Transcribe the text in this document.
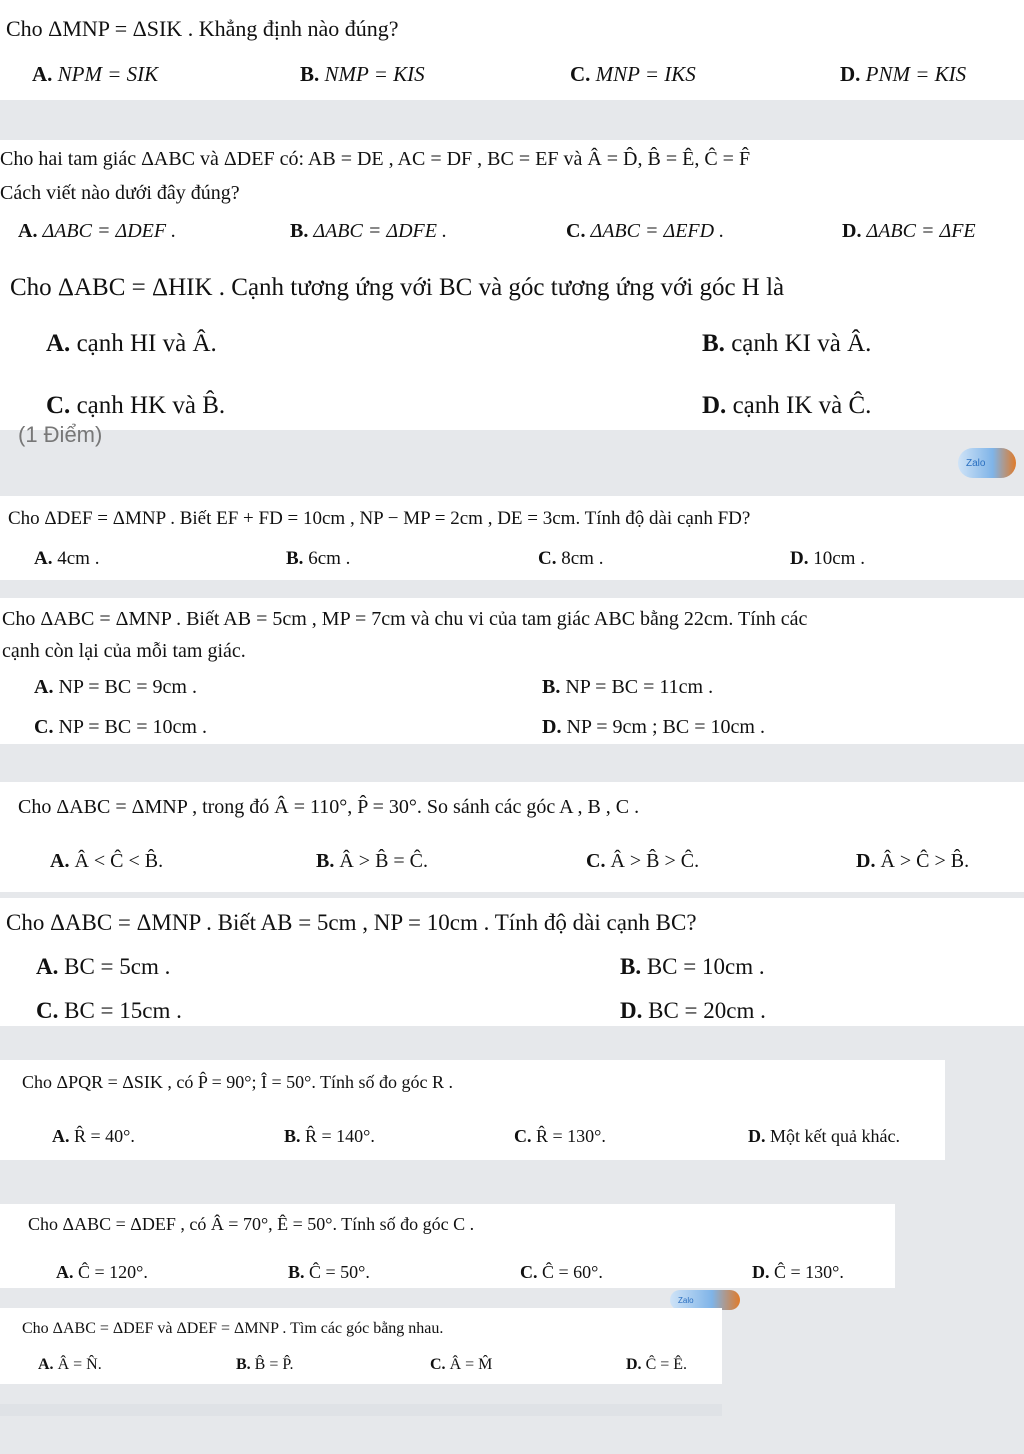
Cho ΔMNP = ΔSIK . Khẳng định nào đúng?
A. NPM = SIK	B. NMP = KIS	C. MNP = IKS	D. PNM = KIS
Cho hai tam giác ΔABC và ΔDEF có: AB = DE , AC = DF , BC = EF và Â = D̂, B̂ = Ê, Ĉ = F̂
Cách viết nào dưới đây đúng?
A. ΔABC = ΔDEF .	B. ΔABC = ΔDFE .	C. ΔABC = ΔEFD .	D. ΔABC = ΔFE
Cho ΔABC = ΔHIK . Cạnh tương ứng với BC và góc tương ứng với góc H là
A. cạnh HI và Â.	B. cạnh KI và Â.
C. cạnh HK và B̂.	D. cạnh IK và Ĉ.
(1 Điểm)
Zalo
Cho ΔDEF = ΔMNP . Biết EF + FD = 10cm , NP − MP = 2cm , DE = 3cm. Tính độ dài cạnh FD?
A. 4cm .	B. 6cm .	C. 8cm .	D. 10cm .
Cho ΔABC = ΔMNP . Biết AB = 5cm , MP = 7cm và chu vi của tam giác ABC bằng 22cm. Tính các
cạnh còn lại của mỗi tam giác.
A. NP = BC = 9cm .	B. NP = BC = 11cm .
C. NP = BC = 10cm .	D. NP = 9cm ; BC = 10cm .
Cho ΔABC = ΔMNP , trong đó Â = 110°, P̂ = 30°. So sánh các góc A , B , C .
A. Â < Ĉ < B̂.	B. Â > B̂ = Ĉ.	C. Â > B̂ > Ĉ.	D. Â > Ĉ > B̂.
Cho ΔABC = ΔMNP . Biết AB = 5cm , NP = 10cm . Tính độ dài cạnh BC?
A. BC = 5cm .	B. BC = 10cm .
C. BC = 15cm .	D. BC = 20cm .
Cho ΔPQR = ΔSIK , có P̂ = 90°; Î = 50°. Tính số đo góc R .
A. R̂ = 40°.	B. R̂ = 140°.	C. R̂ = 130°.	D. Một kết quả khác.
Cho ΔABC = ΔDEF , có Â = 70°, Ê = 50°. Tính số đo góc C .
A. Ĉ = 120°.	B. Ĉ = 50°.	C. Ĉ = 60°.	D. Ĉ = 130°.
Zalo
Cho ΔABC = ΔDEF và ΔDEF = ΔMNP . Tìm các góc bằng nhau.
A. Â = N̂.	B. B̂ = P̂.	C. Â = M̂	D. Ĉ = Ê.
